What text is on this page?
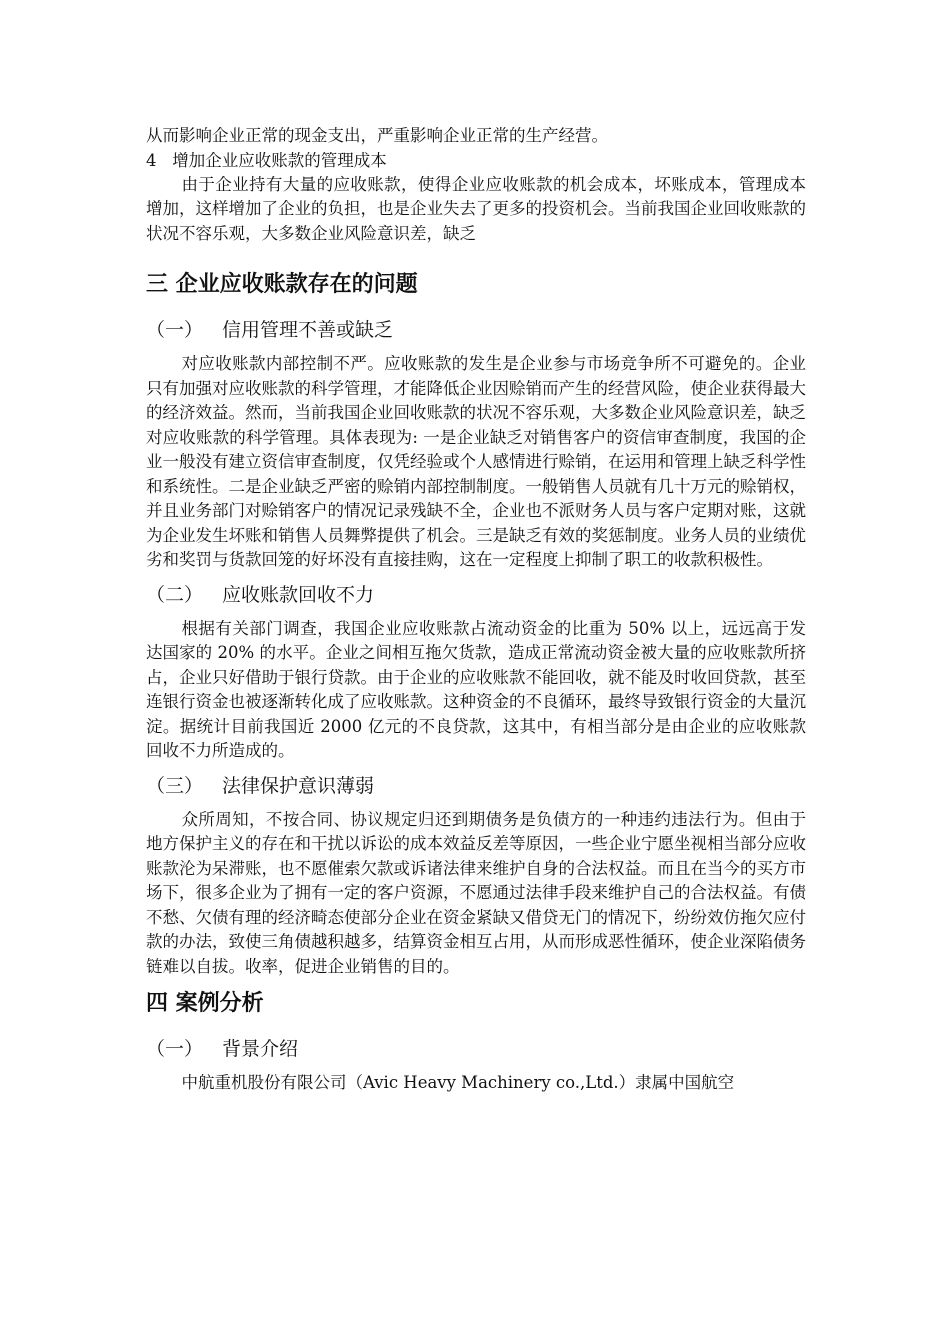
从而影响企业正常的现金支出，严重影响企业正常的生产经营。

4   增加企业应收账款的管理成本

由于企业持有大量的应收账款，使得企业应收账款的机会成本，坏账成本，管理成本增加，这样增加了企业的负担，也是企业失去了更多的投资机会。当前我国企业回收账款的状况不容乐观，大多数企业风险意识差，缺乏

三 企业应收账款存在的问题
（一） 信用管理不善或缺乏

对应收账款内部控制不严。应收账款的发生是企业参与市场竞争所不可避免的。企业只有加强对应收账款的科学管理，才能降低企业因赊销而产生的经营风险，使企业获得最大的经济效益。然而，当前我国企业回收账款的状况不容乐观，大多数企业风险意识差，缺乏对应收账款的科学管理。具体表现为: 一是企业缺乏对销售客户的资信审查制度，我国的企业一般没有建立资信审查制度，仅凭经验或个人感情进行赊销，在运用和管理上缺乏科学性和系统性。二是企业缺乏严密的赊销内部控制制度。一般销售人员就有几十万元的赊销权，并且业务部门对赊销客户的情况记录残缺不全，企业也不派财务人员与客户定期对账，这就为企业发生坏账和销售人员舞弊提供了机会。三是缺乏有效的奖惩制度。业务人员的业绩优劣和奖罚与货款回笼的好坏没有直接挂购，这在一定程度上抑制了职工的收款积极性。

（二） 应收账款回收不力

根据有关部门调查，我国企业应收账款占流动资金的比重为 50% 以上，远远高于发达国家的 20% 的水平。企业之间相互拖欠货款，造成正常流动资金被大量的应收账款所挤占，企业只好借助于银行贷款。由于企业的应收账款不能回收，就不能及时收回贷款，甚至连银行资金也被逐渐转化成了应收账款。这种资金的不良循环，最终导致银行资金的大量沉淀。据统计目前我国近 2000 亿元的不良贷款，这其中，有相当部分是由企业的应收账款回收不力所造成的。

（三） 法律保护意识薄弱

众所周知，不按合同、协议规定归还到期债务是负债方的一种违约违法行为。但由于地方保护主义的存在和干扰以诉讼的成本效益反差等原因，一些企业宁愿坐视相当部分应收账款沦为呆滞账，也不愿催索欠款或诉诸法律来维护自身的合法权益。而且在当今的买方市场下，很多企业为了拥有一定的客户资源，不愿通过法律手段来维护自己的合法权益。有债不愁、欠债有理的经济畸态使部分企业在资金紧缺又借贷无门的情况下，纷纷效仿拖欠应付款的办法，致使三角债越积越多，结算资金相互占用，从而形成恶性循环，使企业深陷债务链难以自拔。收率，促进企业销售的目的。

四 案例分析
（一） 背景介绍

中航重机股份有限公司（Avic Heavy Machinery co.,Ltd.）隶属中国航空
